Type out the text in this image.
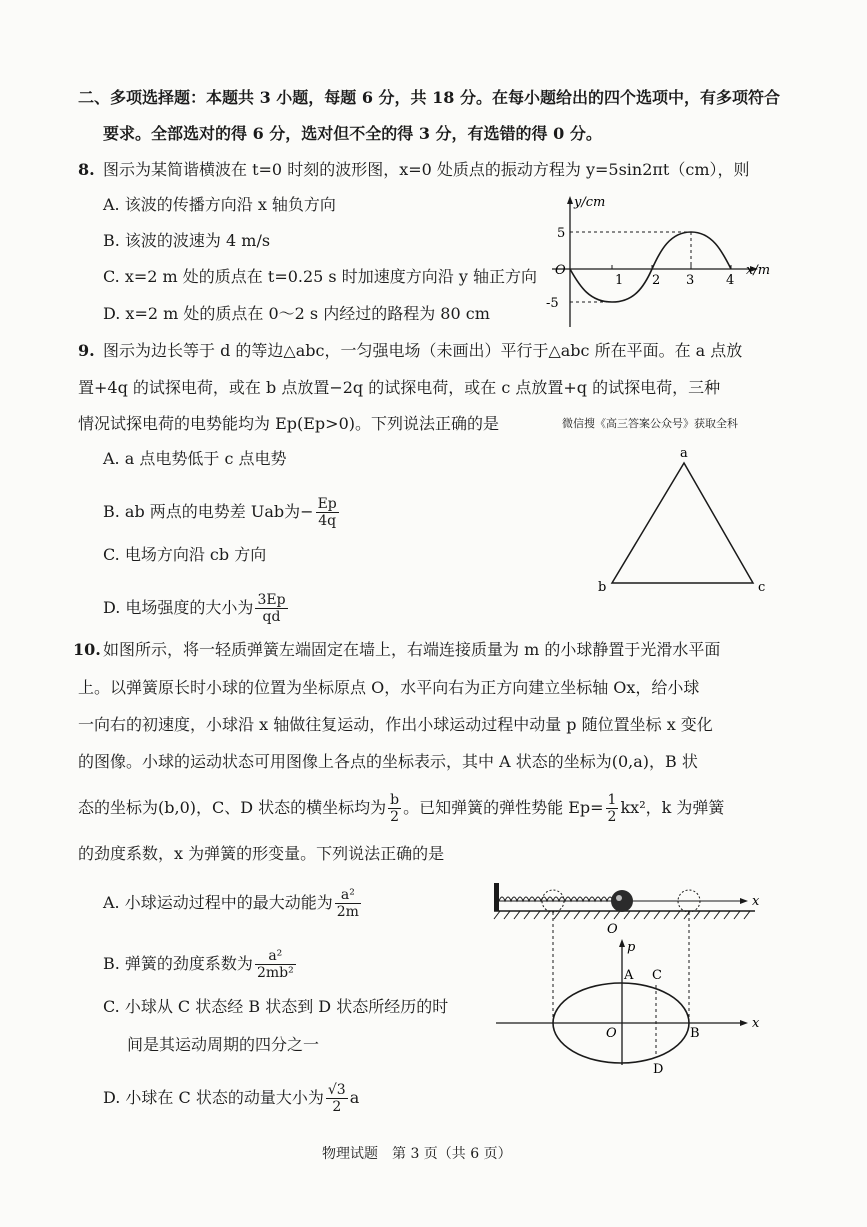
二、多项选择题：本题共 3 小题，每题 6 分，共 18 分。在每小题给出的四个选项中，有多项符合
要求。全部选对的得 6 分，选对但不全的得 3 分，有选错的得 0 分。
8. 图示为某简谐横波在 t=0 时刻的波形图，x=0 处质点的振动方程为 y=5sin2πt（cm），则
A. 该波的传播方向沿 x 轴负方向
B. 该波的波速为 4 m/s
C. x=2 m 处的质点在 t=0.25 s 时加速度方向沿 y 轴正方向
D. x=2 m 处的质点在 0～2 s 内经过的路程为 80 cm
y/cm
x/m
O
1 2 3 4
5
-5
9. 图示为边长等于 d 的等边△abc，一匀强电场（未画出）平行于△abc 所在平面。在 a 点放
置+4q 的试探电荷，或在 b 点放置−2q 的试探电荷，或在 c 点放置+q 的试探电荷，三种
情况试探电荷的电势能均为 Ep(Ep>0)。下列说法正确的是	微信搜《高三答案公众号》获取全科
A. a 点电势低于 c 点电势
B. ab 两点的电势差 Uab为− $\frac{Ep}{4q}$
C. 电场方向沿 cb 方向
D. 电场强度的大小为 $\frac{3Ep}{qd}$
a
b	c
10. 如图所示，将一轻质弹簧左端固定在墙上，右端连接质量为 m 的小球静置于光滑水平面
上。以弹簧原长时小球的位置为坐标原点 O，水平向右为正方向建立坐标轴 Ox，给小球
一向右的初速度，小球沿 x 轴做往复运动，作出小球运动过程中动量 p 随位置坐标 x 变化
的图像。小球的运动状态可用图像上各点的坐标表示，其中 A 状态的坐标为(0,a)，B 状
态的坐标为(b,0)，C、D 状态的横坐标均为 $\frac{b}{2}$ 。已知弹簧的弹性势能 $Ep= \frac{1}{2} kx^2$，k 为弹簧
的劲度系数，x 为弹簧的形变量。下列说法正确的是
A. 小球运动过程中的最大动能为 $\frac{\text{a²}}{2m}$
B. 弹簧的劲度系数为 $\frac{\text{a²}}{\text{2mb²}}$
C. 小球从 C 状态经 B 状态到 D 状态所经历的时
间是其运动周期的四分之一
D. 小球在 C 状态的动量大小为 $\frac{√3}{2}$ a
x
O
p
A C
O	B
D
x
物理试题　第 3 页（共 6 页）
